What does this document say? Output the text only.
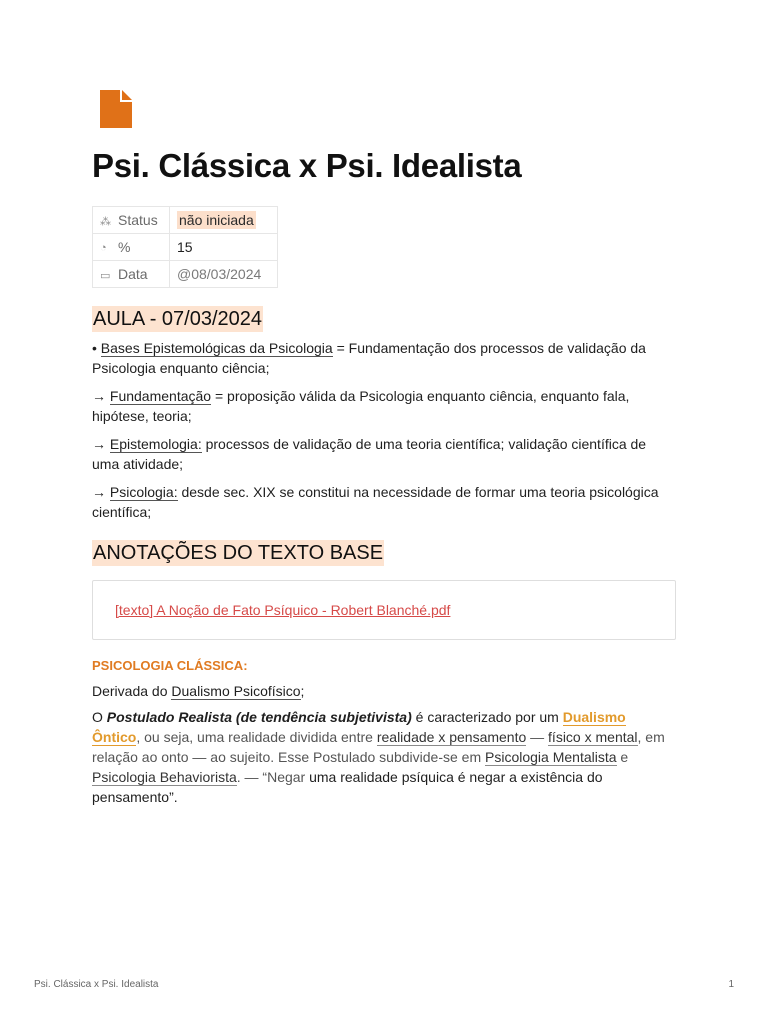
Psi. Clássica x Psi. Idealista
⁂ Status	não iniciada
◔ %	15
▭ Data	@08/03/2024
AULA - 07/03/2024

• Bases Epistemológicas da Psicologia = Fundamentação dos processos de validação da Psicologia enquanto ciência;

→ Fundamentação = proposição válida da Psicologia enquanto ciência, enquanto fala, hipótese, teoria;

→ Epistemologia: processos de validação de uma teoria científica; validação científica de uma atividade;

→ Psicologia: desde sec. XIX se constitui na necessidade de formar uma teoria psicológica científica;

ANOTAÇÕES DO TEXTO BASE
[texto] A Noção de Fato Psíquico - Robert Blanché.pdf
PSICOLOGIA CLÁSSICA:

Derivada do Dualismo Psicofísico;

O Postulado Realista (de tendência subjetivista) é caracterizado por um Dualismo Ôntico, ou seja, uma realidade dividida entre realidade x pensamento — físico x mental, em relação ao onto — ao sujeito. Esse Postulado subdivide-se em Psicologia Mentalista e Psicologia Behaviorista. — “Negar uma realidade psíquica é negar a existência do pensamento”.

Psi. Clássica x Psi. Idealista	1
